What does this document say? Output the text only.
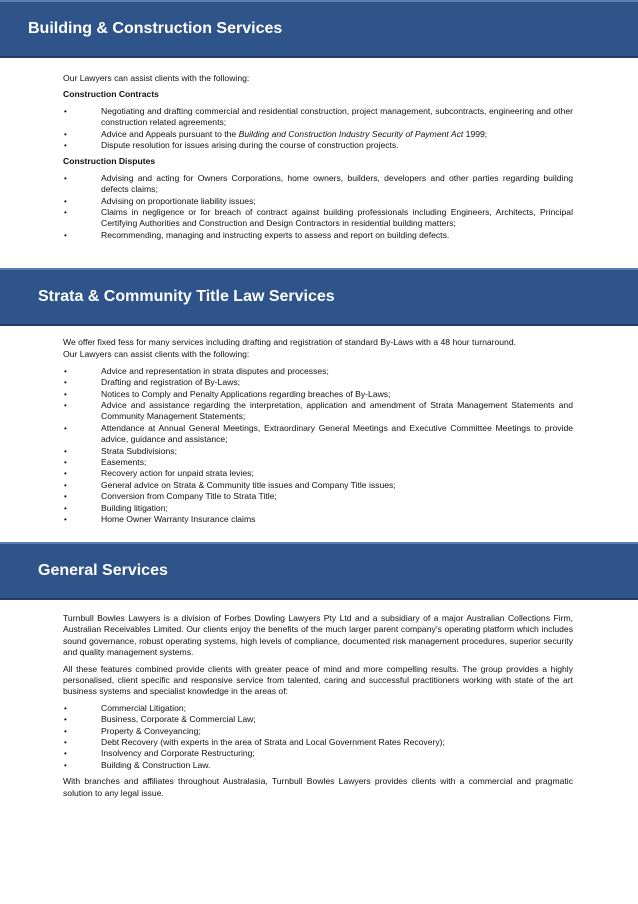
Building & Construction Services

Our Lawyers can assist clients with the following:

Construction Contracts

•	Negotiating and drafting commercial and residential construction, project management, subcontracts, engineering and other construction related agreements;
•	Advice and Appeals pursuant to the Building and Construction Industry Security of Payment Act 1999;
•	Dispute resolution for issues arising during the course of construction projects.

Construction Disputes

•	Advising and acting for Owners Corporations, home owners, builders, developers and other parties regarding building defects claims;
•	Advising on proportionate liability issues;
•	Claims in negligence or for breach of contract against building professionals including Engineers, Architects, Principal Certifying Authorities and Construction and Design Contractors in residential building matters;
•	Recommending, managing and instructing experts to assess and report on building defects.
Strata & Community Title Law Services

We offer fixed fess for many services including drafting and registration of standard By-Laws with a 48 hour turnaround.

Our Lawyers can assist clients with the following:

•	Advice and representation in strata disputes and processes;
•	Drafting and registration of By-Laws;
•	Notices to Comply and Penalty Applications regarding breaches of By-Laws;
•	Advice and assistance regarding the interpretation, application and amendment of Strata Management Statements and Community Management Statements;
•	Attendance at Annual General Meetings, Extraordinary General Meetings and Executive Committee Meetings to provide advice, guidance and assistance;
•	Strata Subdivisions;
•	Easements;
•	Recovery action for unpaid strata levies;
•	General advice on Strata & Community title issues and Company Title issues;
•	Conversion from Company Title to Strata Title;
•	Building litigation;
•	Home Owner Warranty Insurance claims
General Services

Turnbull Bowles Lawyers is a division of Forbes Dowling Lawyers Pty Ltd and a subsidiary of a major Australian Collections Firm, Australian Receivables Limited. Our clients enjoy the benefits of the much larger parent company’s operating platform which includes sound governance, robust operating systems, high levels of compliance, documented risk management procedures, superior security and quality management systems.

All these features combined provide clients with greater peace of mind and more compelling results. The group provides a highly personalised, client specific and responsive service from talented, caring and successful practitioners working with state of the art business systems and specialist knowledge in the areas of:

•	Commercial Litigation;
•	Business, Corporate & Commercial Law;
•	Property & Conveyancing;
•	Debt Recovery (with experts in the area of Strata and Local Government Rates Recovery);
•	Insolvency and Corporate Restructuring;
•	Building & Construction Law.

With branches and affiliates throughout Australasia, Turnbull Bowles Lawyers provides clients with a commercial and pragmatic solution to any legal issue.
